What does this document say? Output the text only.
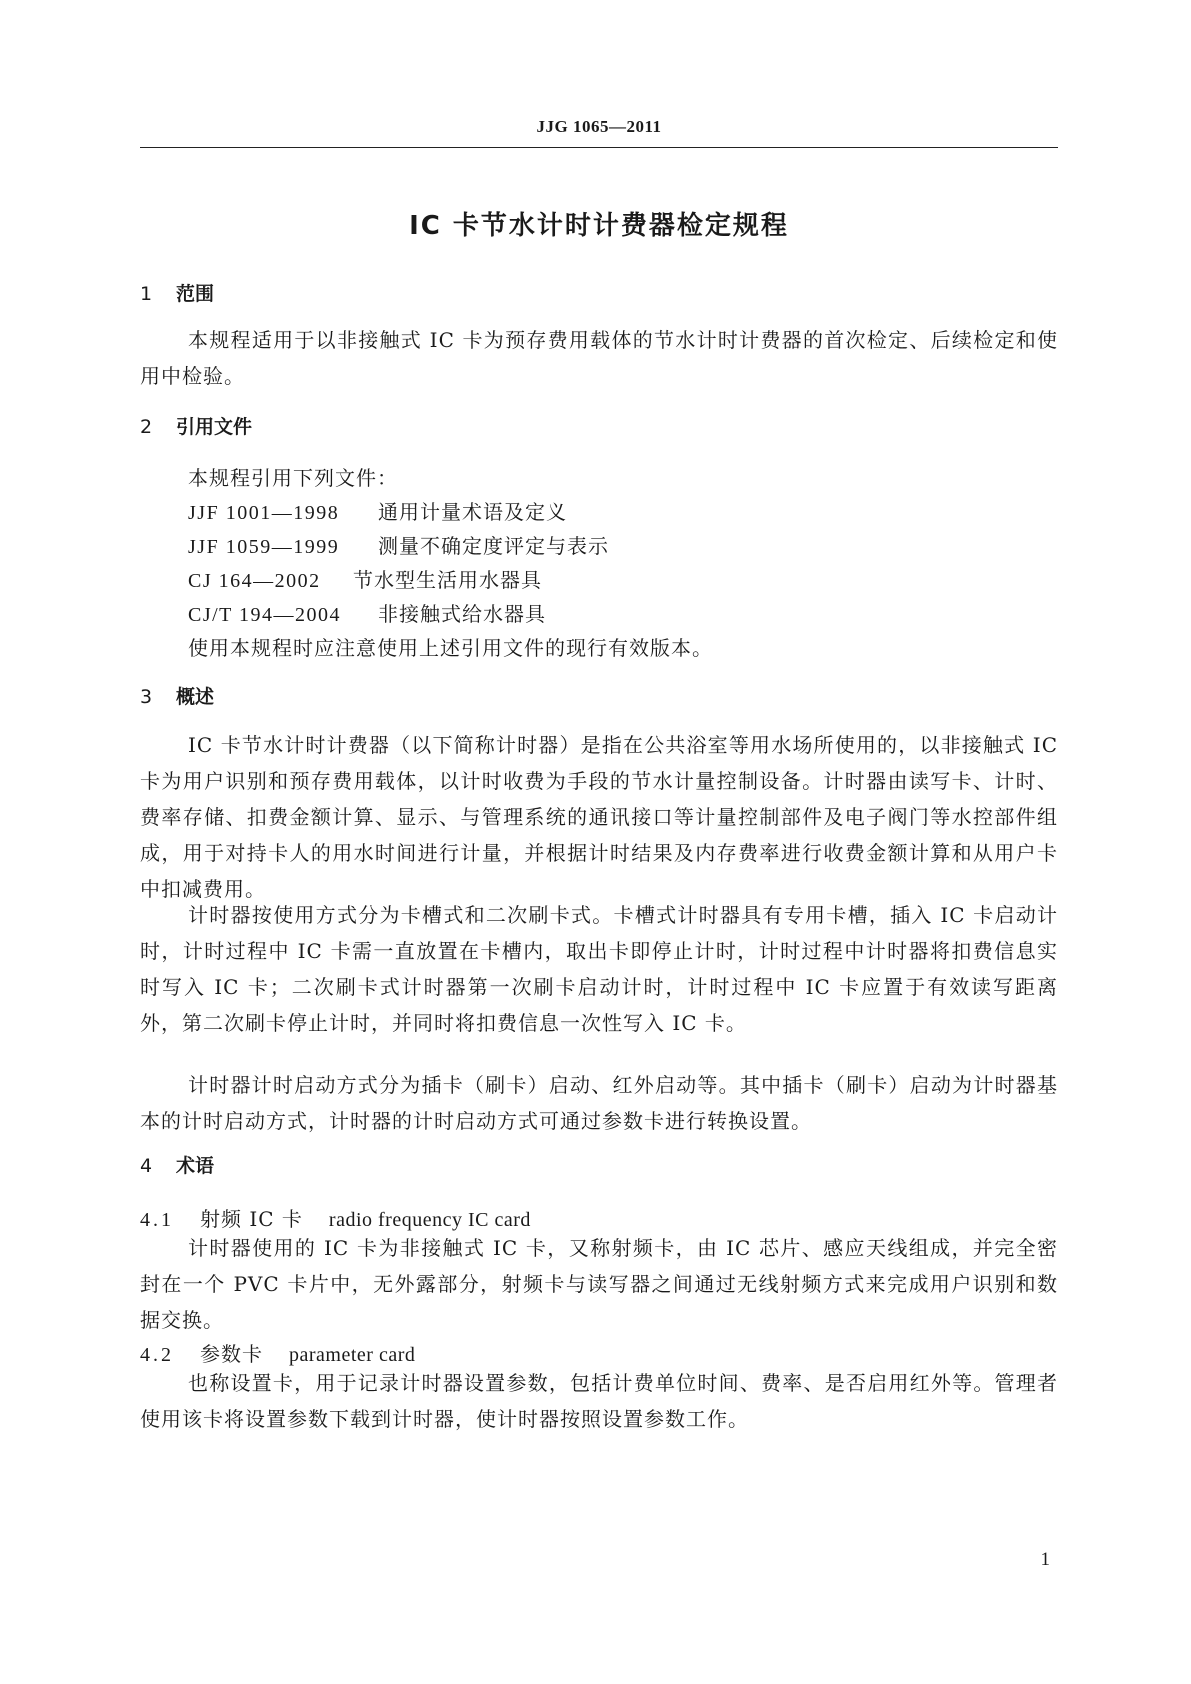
JJG 1065—2011
IC 卡节水计时计费器检定规程
1 范围

本规程适用于以非接触式 IC 卡为预存费用载体的节水计时计费器的首次检定、后续检定和使用中检验。

2 引用文件
本规程引用下列文件：
JJF 1001—1998 通用计量术语及定义
JJF 1059—1999 测量不确定度评定与表示
CJ 164—2002 节水型生活用水器具
CJ/T 194—2004 非接触式给水器具
使用本规程时应注意使用上述引用文件的现行有效版本。
3 概述

IC 卡节水计时计费器（以下简称计时器）是指在公共浴室等用水场所使用的，以非接触式 IC 卡为用户识别和预存费用载体，以计时收费为手段的节水计量控制设备。计时器由读写卡、计时、费率存储、扣费金额计算、显示、与管理系统的通讯接口等计量控制部件及电子阀门等水控部件组成，用于对持卡人的用水时间进行计量，并根据计时结果及内存费率进行收费金额计算和从用户卡中扣减费用。

计时器按使用方式分为卡槽式和二次刷卡式。卡槽式计时器具有专用卡槽，插入 IC 卡启动计时，计时过程中 IC 卡需一直放置在卡槽内，取出卡即停止计时，计时过程中计时器将扣费信息实时写入 IC 卡；二次刷卡式计时器第一次刷卡启动计时，计时过程中 IC 卡应置于有效读写距离外，第二次刷卡停止计时，并同时将扣费信息一次性写入 IC 卡。

计时器计时启动方式分为插卡（刷卡）启动、红外启动等。其中插卡（刷卡）启动为计时器基本的计时启动方式，计时器的计时启动方式可通过参数卡进行转换设置。

4 术语
4.1 射频 IC 卡 radio frequency IC card

计时器使用的 IC 卡为非接触式 IC 卡，又称射频卡，由 IC 芯片、感应天线组成，并完全密封在一个 PVC 卡片中，无外露部分，射频卡与读写器之间通过无线射频方式来完成用户识别和数据交换。

4.2 参数卡 parameter card

也称设置卡，用于记录计时器设置参数，包括计费单位时间、费率、是否启用红外等。管理者使用该卡将设置参数下载到计时器，使计时器按照设置参数工作。

1
